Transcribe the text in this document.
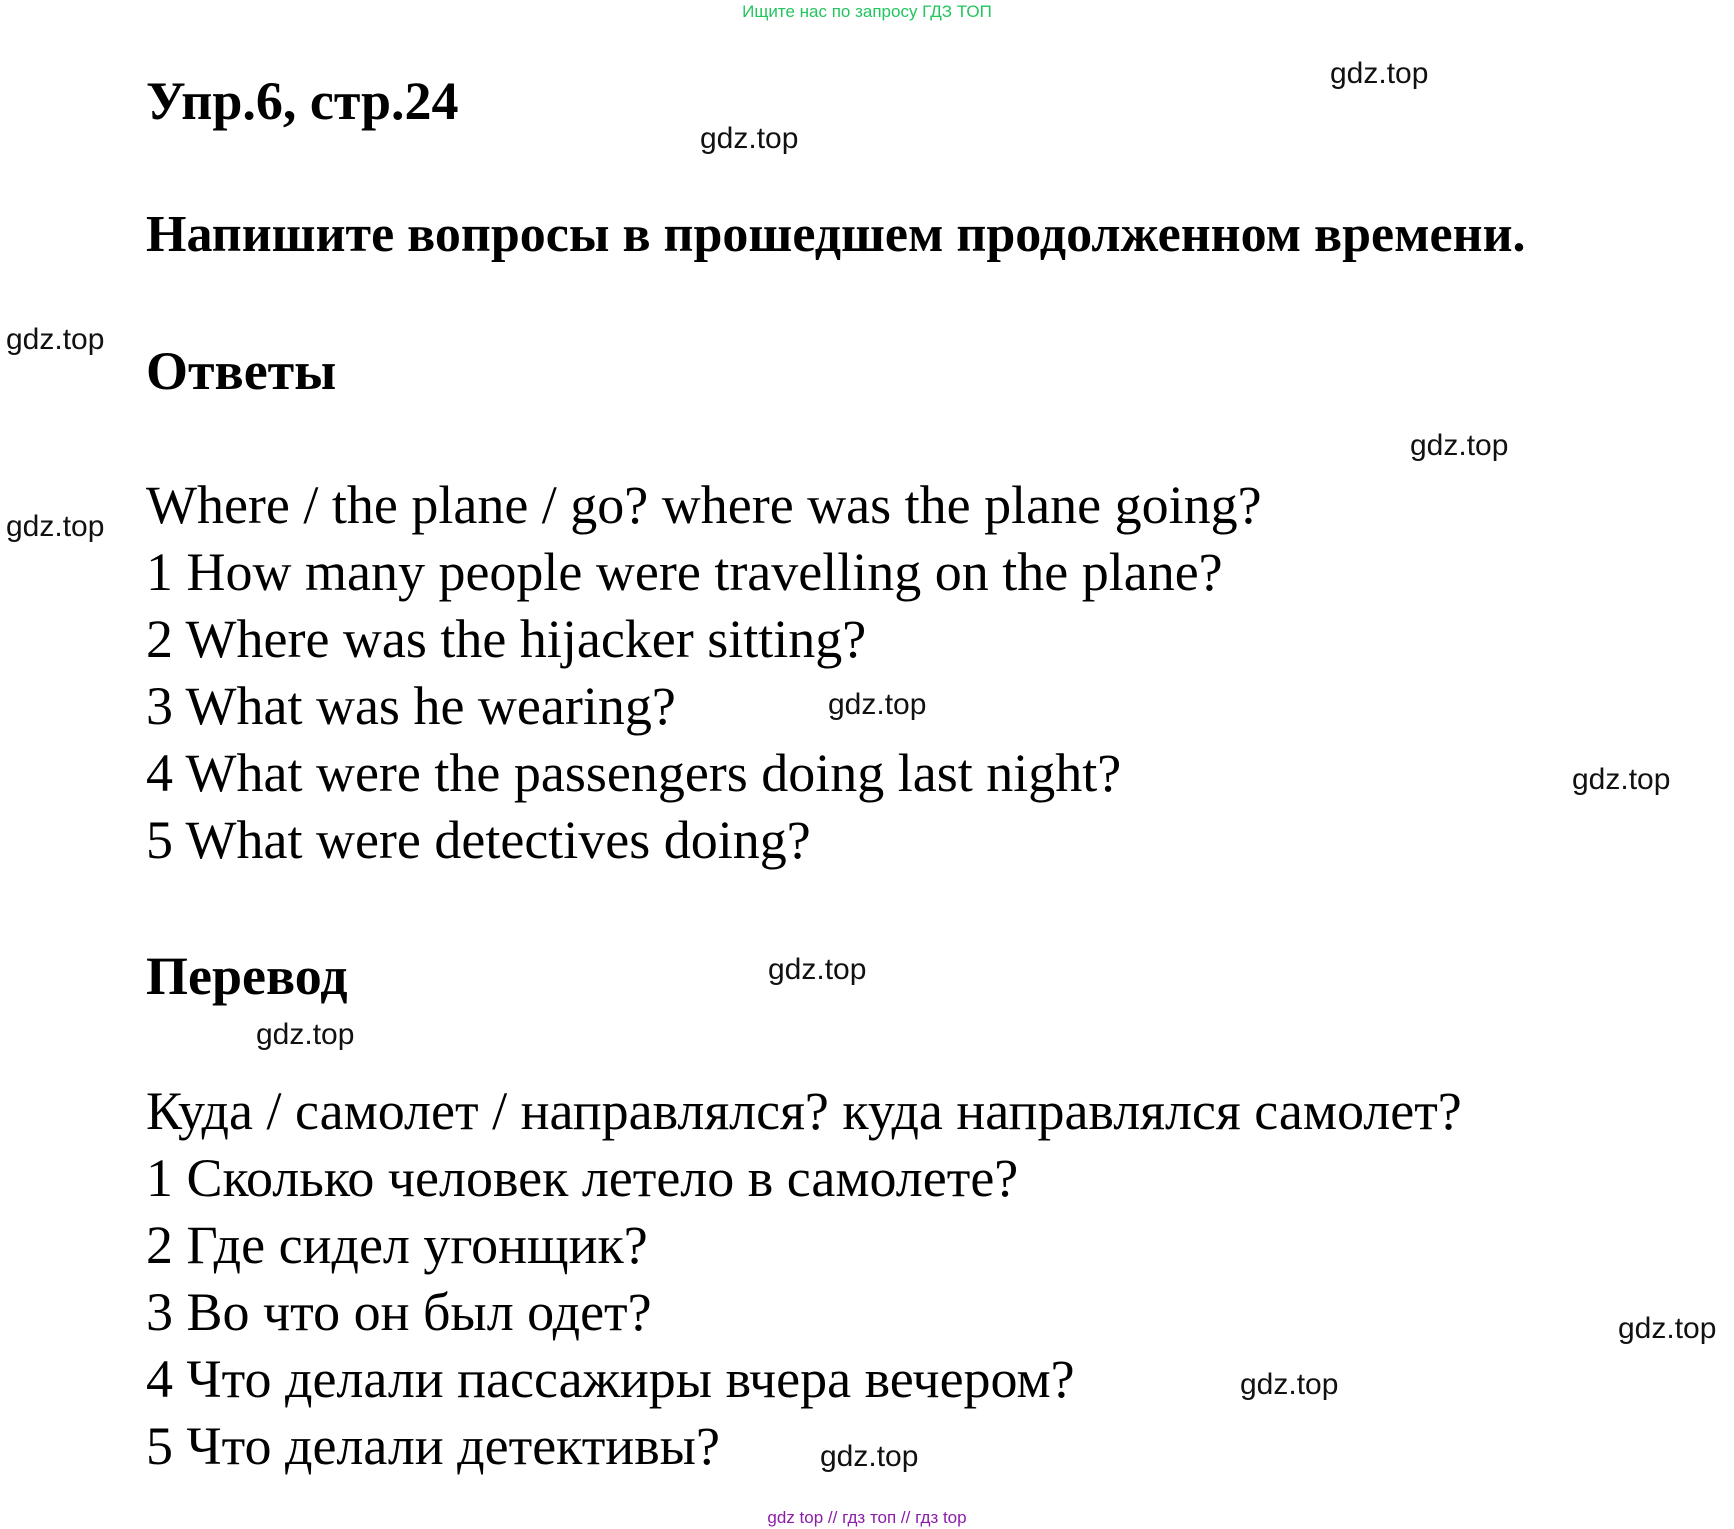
Ищите нас по запросу ГДЗ ТОП
Упр.6, стр.24
Напишите вопросы в прошедшем продолженном времени.
Ответы
Where / the plane / go? where was the plane going?
1 How many people were travelling on the plane?
2 Where was the hijacker sitting?
3 What was he wearing?
4 What were the passengers doing last night?
5 What were detectives doing?
Перевод
Куда / самолет / направлялся? куда направлялся самолет?
1 Сколько человек летело в самолете?
2 Где сидел угонщик?
3 Во что он был одет?
4 Что делали пассажиры вчера вечером?
5 Что делали детективы?
gdz.top
gdz.top
gdz.top
gdz.top
gdz.top
gdz.top
gdz.top
gdz.top
gdz.top
gdz.top
gdz.top
gdz.top
gdz top // гдз топ // гдз top
